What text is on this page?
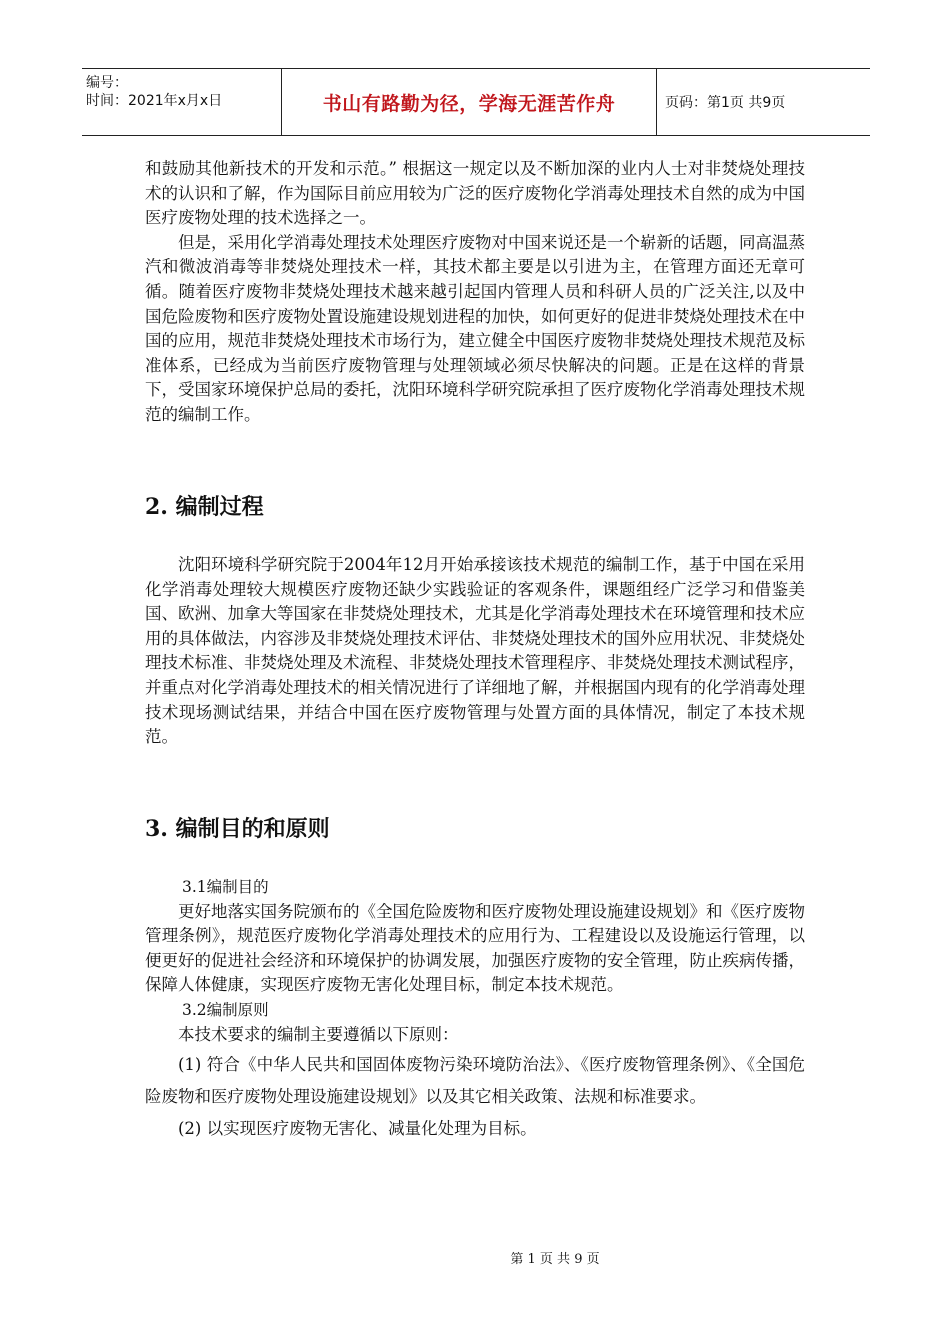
编号：
时间：2021年x月x日	书山有路勤为径，学海无涯苦作舟	页码：第1页 共9页

和鼓励其他新技术的开发和示范。” 根据这一规定以及不断加深的业内人士对非焚烧处理技术的认识和了解，作为国际目前应用较为广泛的医疗废物化学消毒处理技术自然的成为中国医疗废物处理的技术选择之一。

但是，采用化学消毒处理技术处理医疗废物对中国来说还是一个崭新的话题，同高温蒸汽和微波消毒等非焚烧处理技术一样，其技术都主要是以引进为主，在管理方面还无章可循。随着医疗废物非焚烧处理技术越来越引起国内管理人员和科研人员的广泛关注,以及中国危险废物和医疗废物处置设施建设规划进程的加快，如何更好的促进非焚烧处理技术在中国的应用，规范非焚烧处理技术市场行为，建立健全中国医疗废物非焚烧处理技术规范及标准体系，已经成为当前医疗废物管理与处理领域必须尽快解决的问题。正是在这样的背景下，受国家环境保护总局的委托，沈阳环境科学研究院承担了医疗废物化学消毒处理技术规范的编制工作。

2. 编制过程

沈阳环境科学研究院于2004年12月开始承接该技术规范的编制工作，基于中国在采用化学消毒处理较大规模医疗废物还缺少实践验证的客观条件，课题组经广泛学习和借鉴美国、欧洲、加拿大等国家在非焚烧处理技术，尤其是化学消毒处理技术在环境管理和技术应用的具体做法，内容涉及非焚烧处理技术评估、非焚烧处理技术的国外应用状况、非焚烧处理技术标准、非焚烧处理及术流程、非焚烧处理技术管理程序、非焚烧处理技术测试程序，并重点对化学消毒处理技术的相关情况进行了详细地了解，并根据国内现有的化学消毒处理技术现场测试结果，并结合中国在医疗废物管理与处置方面的具体情况，制定了本技术规范。

3. 编制目的和原则

3.1编制目的

更好地落实国务院颁布的《全国危险废物和医疗废物处理设施建设规划》和《医疗废物管理条例》，规范医疗废物化学消毒处理技术的应用行为、工程建设以及设施运行管理，以便更好的促进社会经济和环境保护的协调发展，加强医疗废物的安全管理，防止疾病传播，保障人体健康，实现医疗废物无害化处理目标，制定本技术规范。

3.2编制原则

本技术要求的编制主要遵循以下原则：

(1) 符合《中华人民共和国固体废物污染环境防治法》、《医疗废物管理条例》、《全国危险废物和医疗废物处理设施建设规划》以及其它相关政策、法规和标准要求。

(2) 以实现医疗废物无害化、减量化处理为目标。

第 1 页 共 9 页
